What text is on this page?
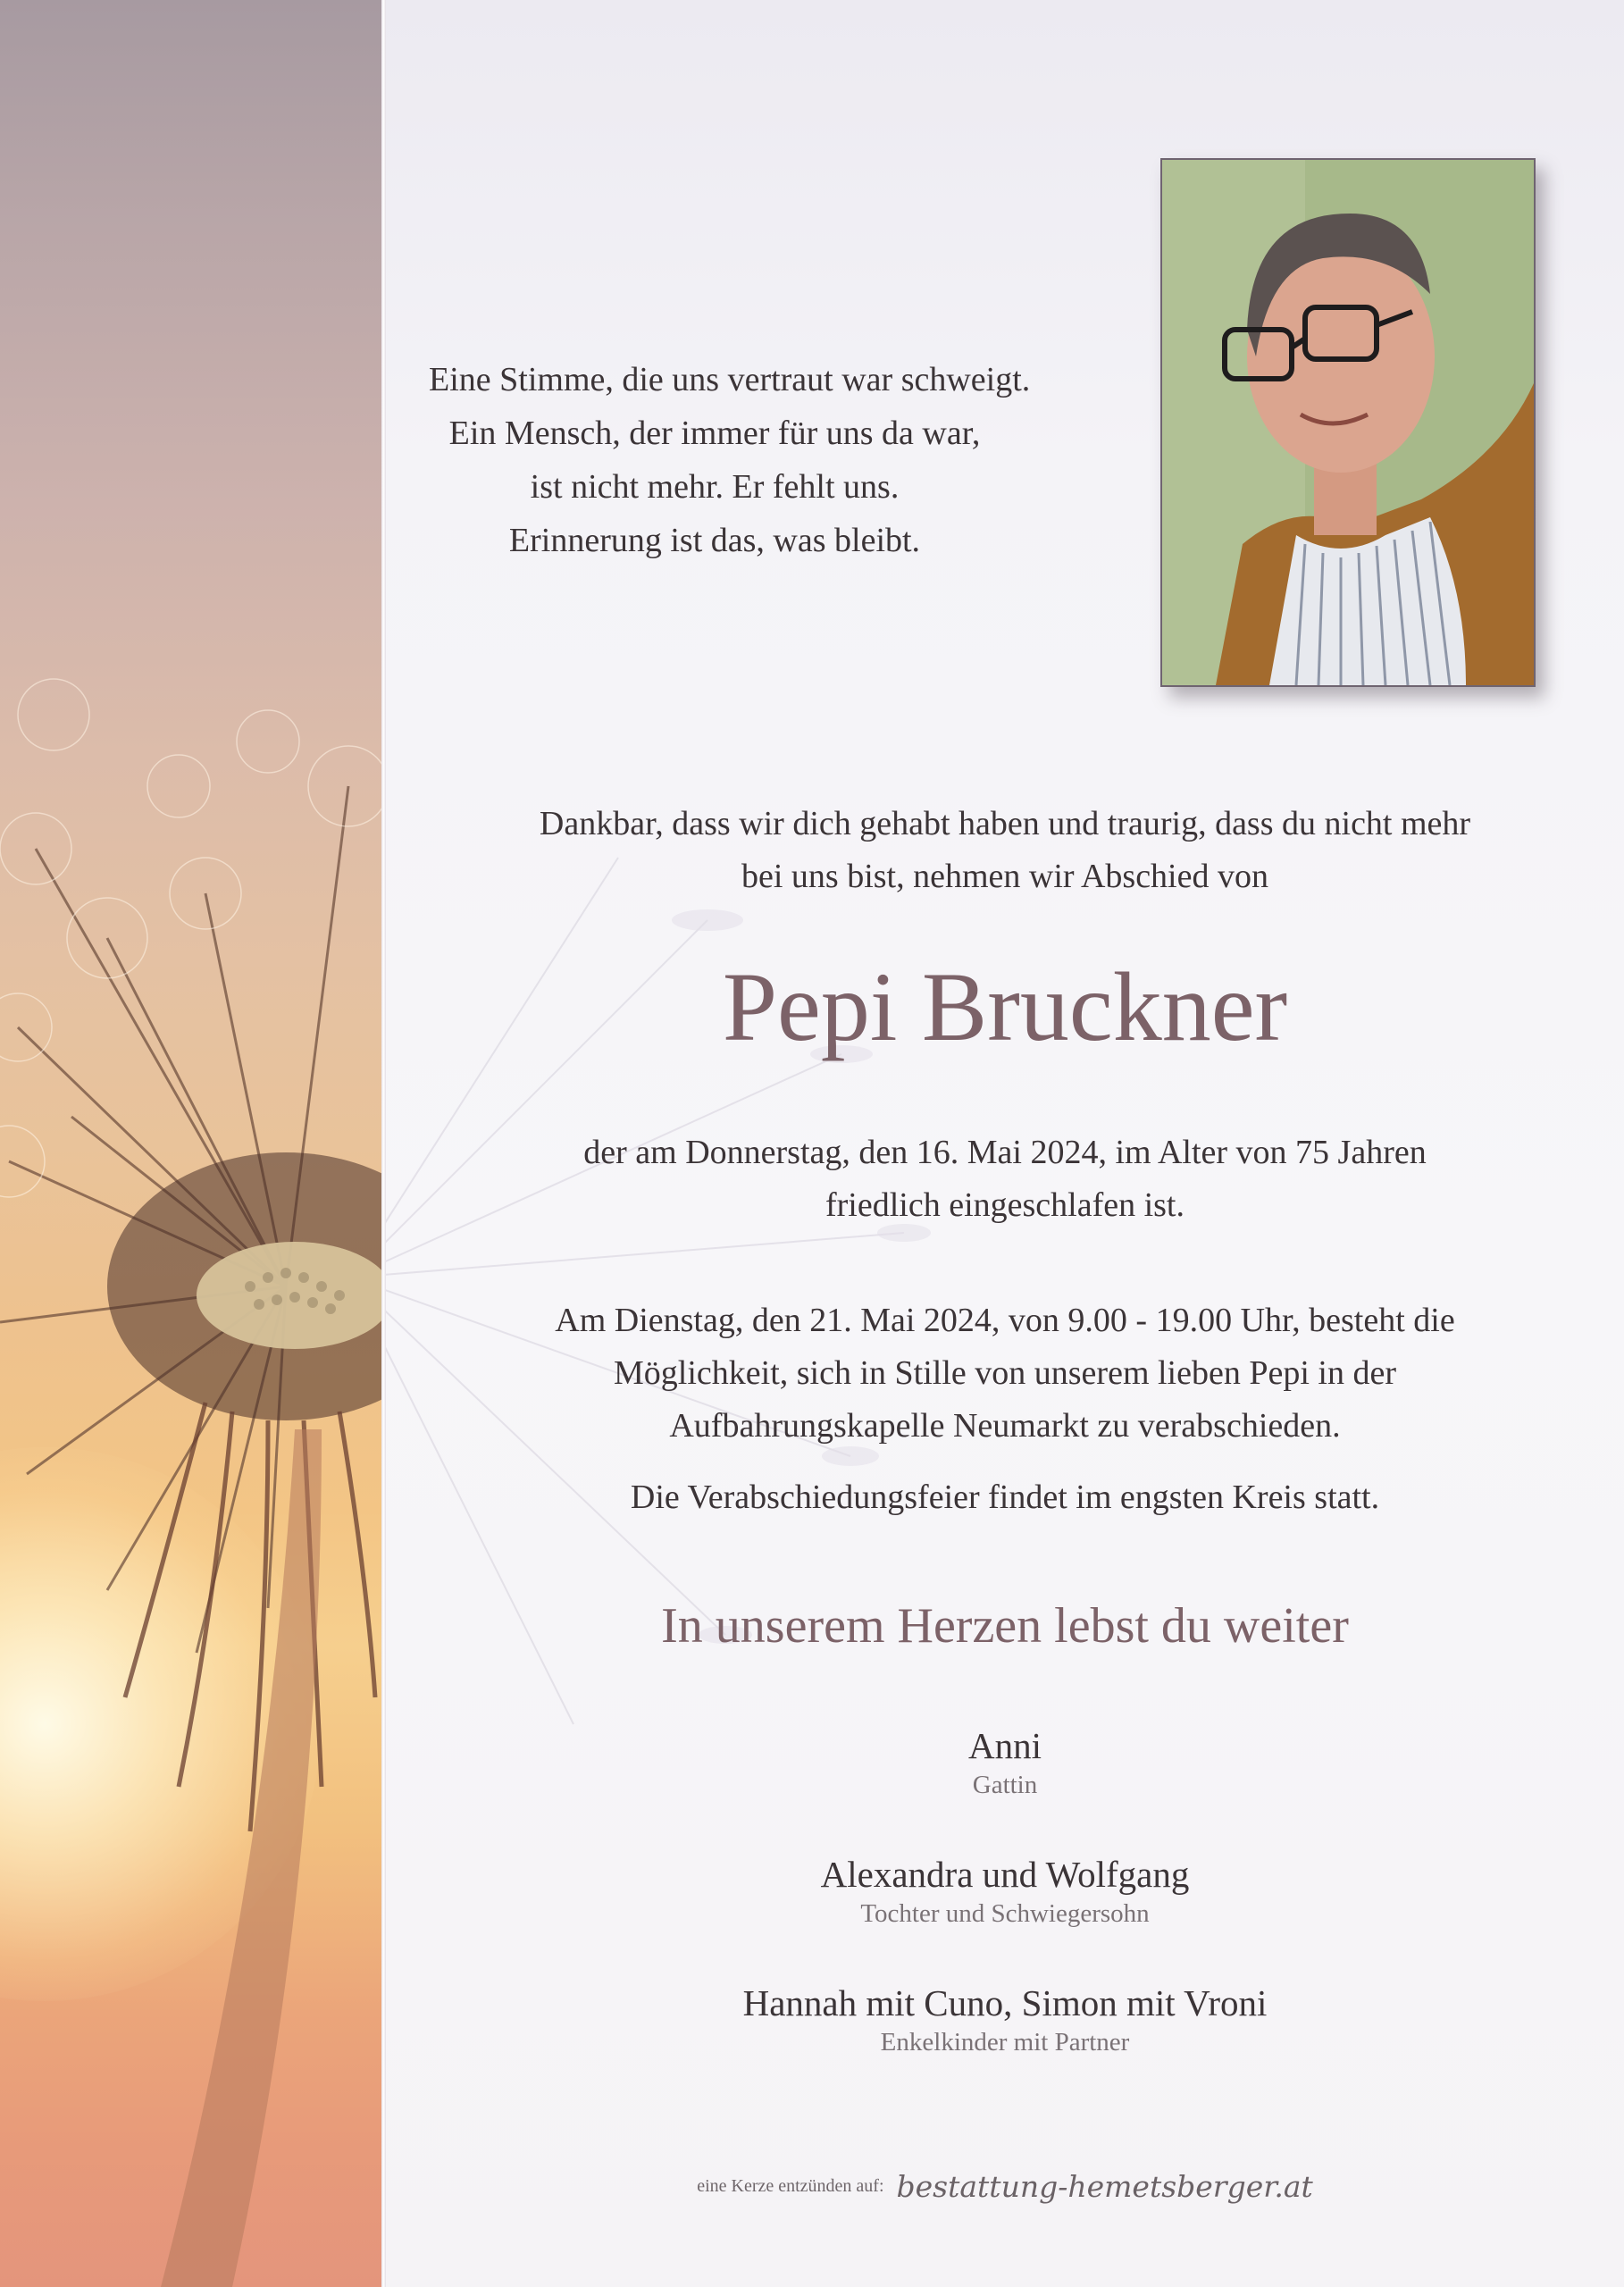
Eine Stimme, die uns vertraut war schweigt.
Ein Mensch, der immer für uns da war,
ist nicht mehr. Er fehlt uns.
Erinnerung ist das, was bleibt.
Dankbar, dass wir dich gehabt haben und traurig, dass du nicht mehr
bei uns bist, nehmen wir Abschied von
Pepi Bruckner
der am Donnerstag, den 16. Mai 2024, im Alter von 75 Jahren
friedlich eingeschlafen ist.
Am Dienstag, den 21. Mai 2024, von 9.00 - 19.00 Uhr, besteht die
Möglichkeit, sich in Stille von unserem lieben Pepi in der
Aufbahrungskapelle Neumarkt zu verabschieden.
Die Verabschiedungsfeier findet im engsten Kreis statt.
In unserem Herzen lebst du weiter
Anni
Gattin
Alexandra und Wolfgang
Tochter und Schwiegersohn
Hannah mit Cuno, Simon mit Vroni
Enkelkinder mit Partner
eine Kerze entzünden auf: bestattung-hemetsberger.at
